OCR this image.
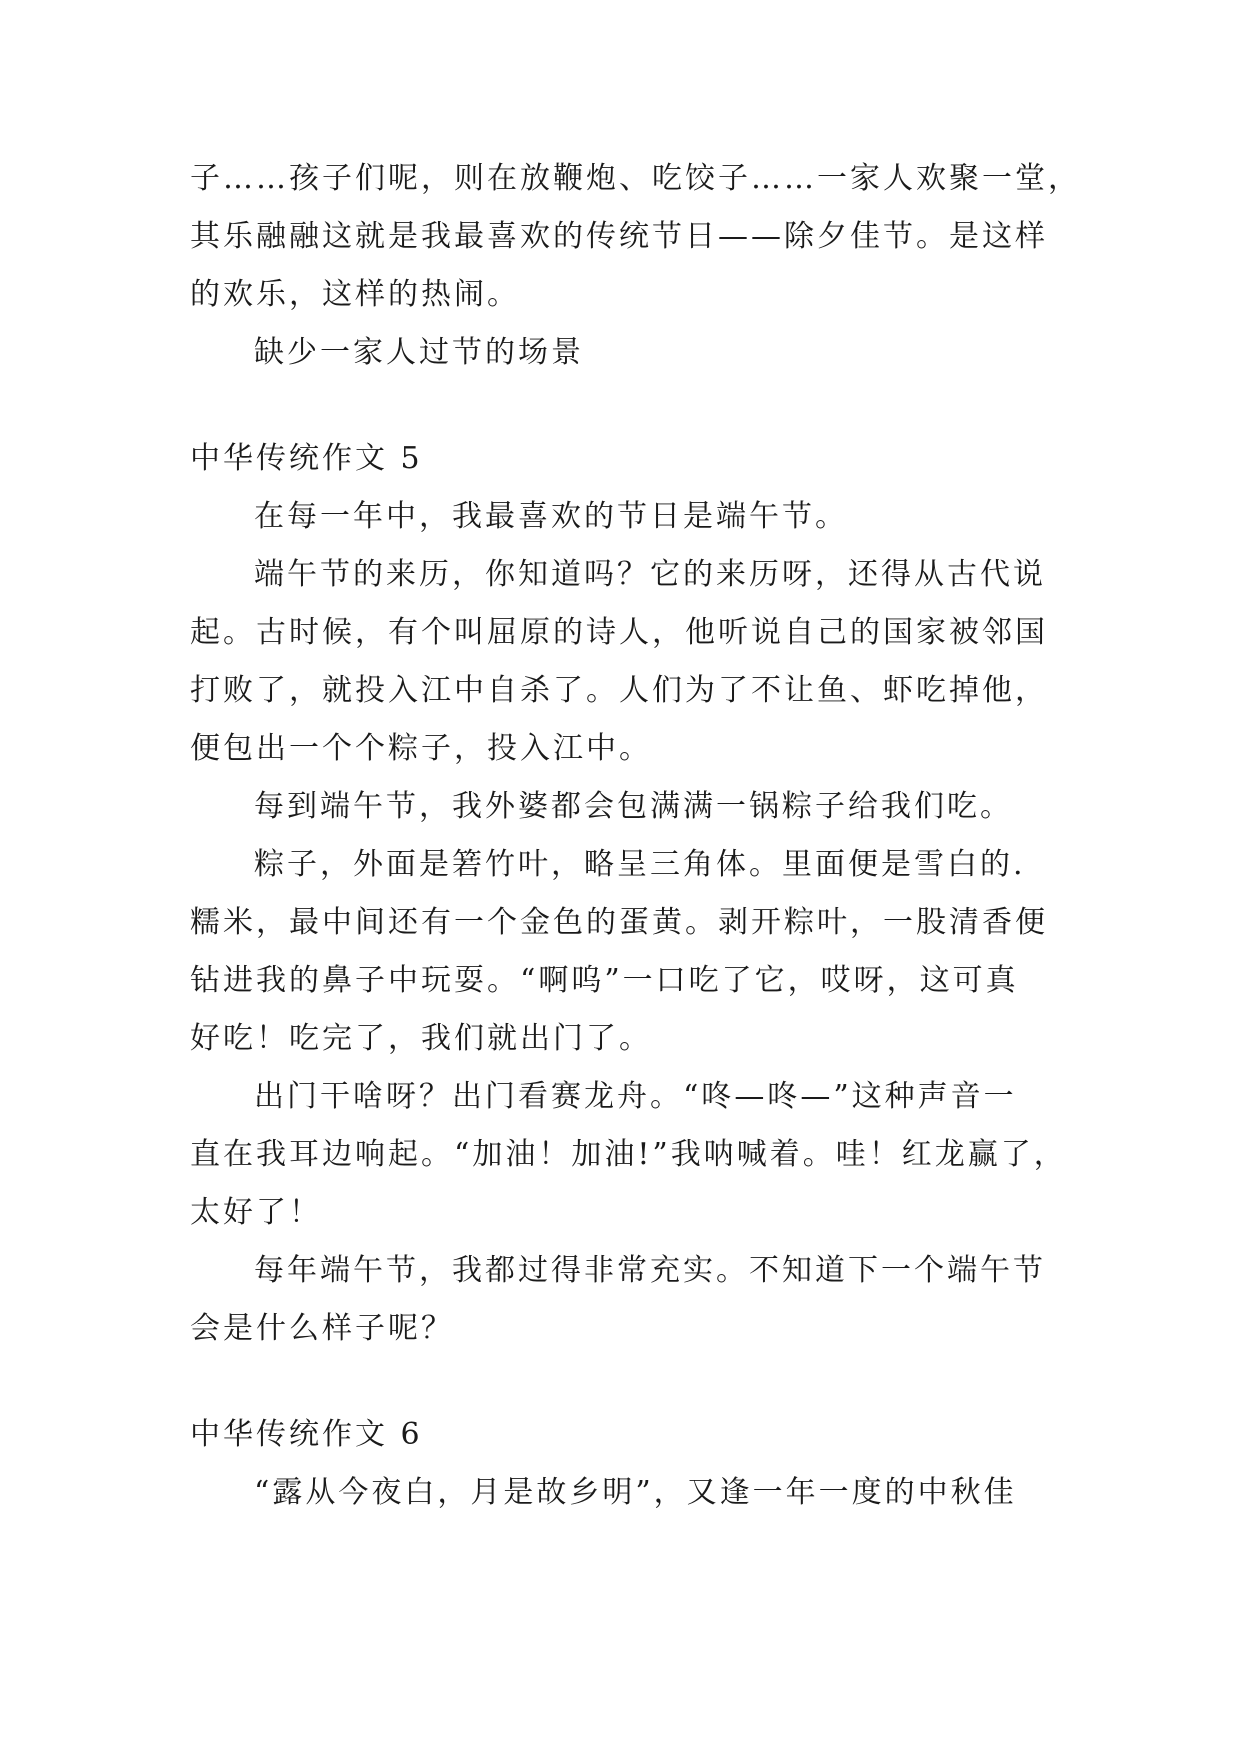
子……孩子们呢，则在放鞭炮、吃饺子……一家人欢聚一堂，
其乐融融这就是我最喜欢的传统节日——除夕佳节。是这样
的欢乐，这样的热闹。
缺少一家人过节的场景
中华传统作文 5
在每一年中，我最喜欢的节日是端午节。
端午节的来历，你知道吗？它的来历呀，还得从古代说
起。古时候，有个叫屈原的诗人，他听说自己的国家被邻国
打败了，就投入江中自杀了。人们为了不让鱼、虾吃掉他，
便包出一个个粽子，投入江中。
每到端午节，我外婆都会包满满一锅粽子给我们吃。
粽子，外面是箬竹叶，略呈三角体。里面便是雪白的.
糯米，最中间还有一个金色的蛋黄。剥开粽叶，一股清香便
钻进我的鼻子中玩耍。“啊呜”一口吃了它，哎呀，这可真
好吃！吃完了，我们就出门了。
出门干啥呀？出门看赛龙舟。“咚—咚—”这种声音一
直在我耳边响起。“加油！加油!”我呐喊着。哇！红龙赢了，
太好了！
每年端午节，我都过得非常充实。不知道下一个端午节
会是什么样子呢？
中华传统作文 6
“露从今夜白，月是故乡明”，又逢一年一度的中秋佳
